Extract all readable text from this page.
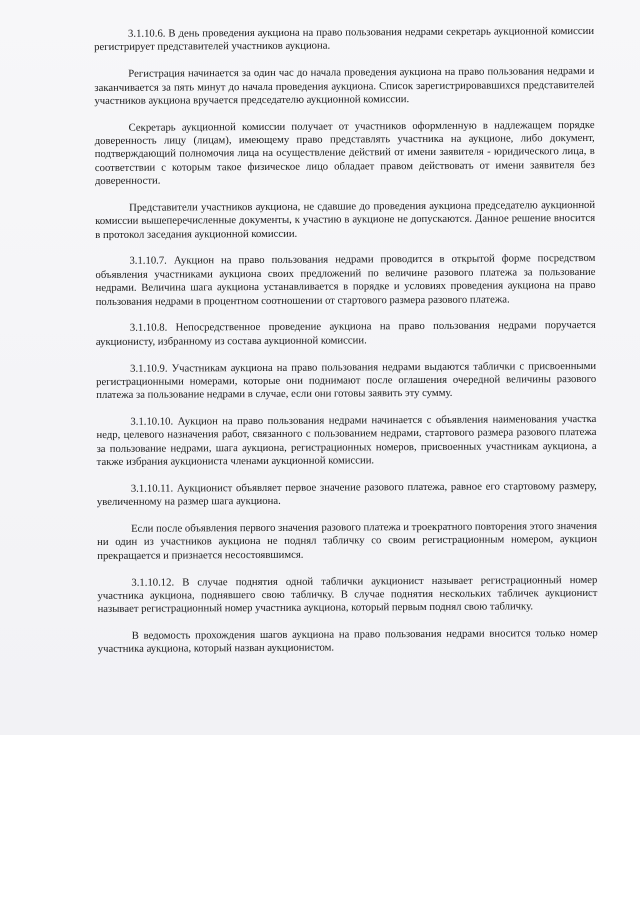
3.1.10.6. В день проведения аукциона на право пользования недрами секретарь аукционной комиссии регистрирует представителей участников аукциона.

Регистрация начинается за один час до начала проведения аукциона на право пользования недрами и заканчивается за пять минут до начала проведения аукциона. Список зарегистрировавшихся представителей участников аукциона вручается председателю аукционной комиссии.

Секретарь аукционной комиссии получает от участников оформленную в надлежащем порядке доверенность лицу (лицам), имеющему право представлять участника на аукционе, либо документ, подтверждающий полномочия лица на осуществление действий от имени заявителя - юридического лица, в соответствии с которым такое физическое лицо обладает правом действовать от имени заявителя без доверенности.

Представители участников аукциона, не сдавшие до проведения аукциона председателю аукционной комиссии вышеперечисленные документы, к участию в аукционе не допускаются. Данное решение вносится в протокол заседания аукционной комиссии.

3.1.10.7. Аукцион на право пользования недрами проводится в открытой форме посредством объявления участниками аукциона своих предложений по величине разового платежа за пользование недрами. Величина шага аукциона устанавливается в порядке и условиях проведения аукциона на право пользования недрами в процентном соотношении от стартового размера разового платежа.

3.1.10.8. Непосредственное проведение аукциона на право пользования недрами поручается аукционисту, избранному из состава аукционной комиссии.

3.1.10.9. Участникам аукциона на право пользования недрами выдаются таблички с присвоенными регистрационными номерами, которые они поднимают после оглашения очередной величины разового платежа за пользование недрами в случае, если они готовы заявить эту сумму.

3.1.10.10. Аукцион на право пользования недрами начинается с объявления наименования участка недр, целевого назначения работ, связанного с пользованием недрами, стартового размера разового платежа за пользование недрами, шага аукциона, регистрационных номеров, присвоенных участникам аукциона, а также избрания аукциониста членами аукционной комиссии.

3.1.10.11. Аукционист объявляет первое значение разового платежа, равное его стартовому размеру, увеличенному на размер шага аукциона.

Если после объявления первого значения разового платежа и троекратного повторения этого значения ни один из участников аукциона не поднял табличку со своим регистрационным номером, аукцион прекращается и признается несостоявшимся.

3.1.10.12. В случае поднятия одной таблички аукционист называет регистрационный номер участника аукциона, поднявшего свою табличку. В случае поднятия нескольких табличек аукционист называет регистрационный номер участника аукциона, который первым поднял свою табличку.

В ведомость прохождения шагов аукциона на право пользования недрами вносится только номер участника аукциона, который назван аукционистом.
